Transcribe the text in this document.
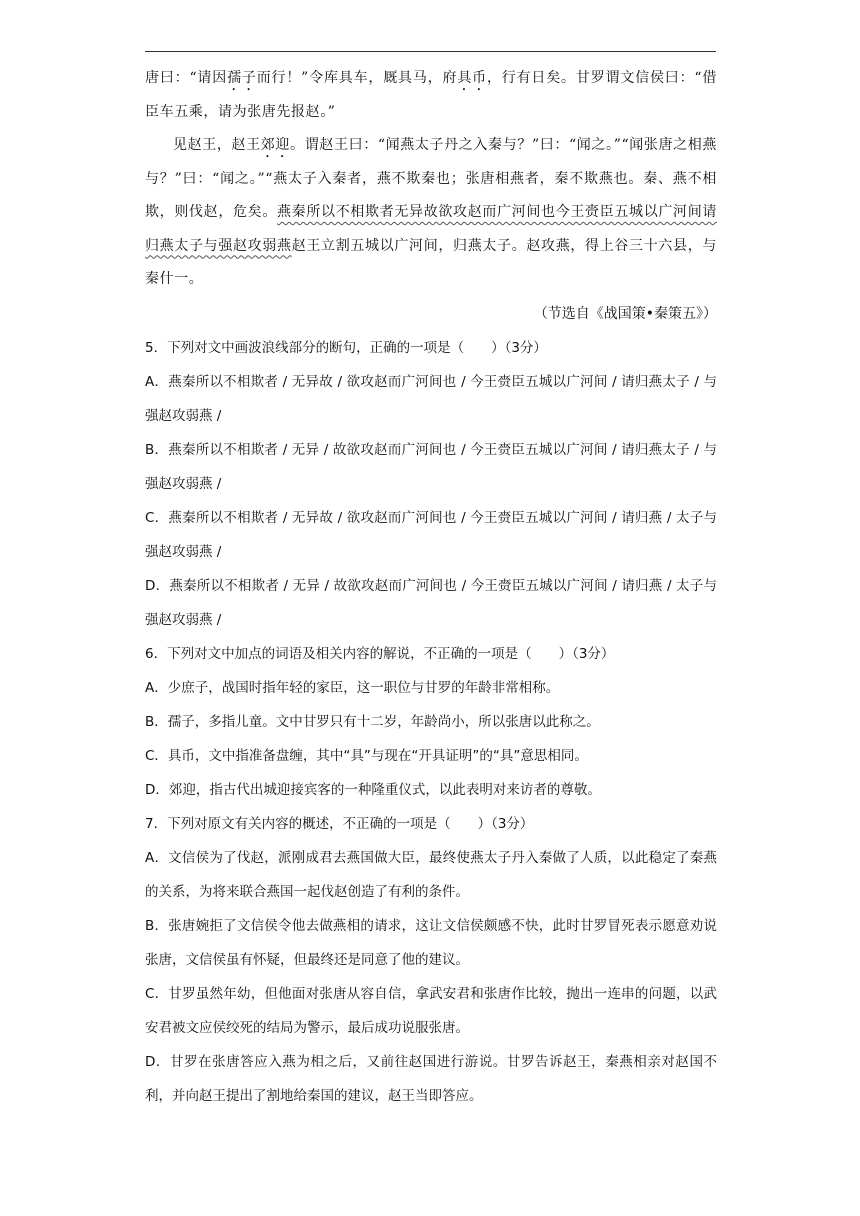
唐曰：“请因孺子而行！”令库具车，厩具马，府具币，行有日矣。甘罗谓文信侯曰：“借臣车五乘，请为张唐先报赵。”

见赵王，赵王郊迎。谓赵王曰：“闻燕太子丹之入秦与？”曰：“闻之。”“闻张唐之相燕与？”曰：“闻之。”“燕太子入秦者，燕不欺秦也；张唐相燕者，秦不欺燕也。秦、燕不相欺，则伐赵，危矣。燕秦所以不相欺者无异故欲攻赵而广河间也今王赍臣五城以广河间请归燕太子与强赵攻弱燕赵王立割五城以广河间，归燕太子。赵攻燕，得上谷三十六县，与秦什一。

（节选自《战国策•秦策五》）

5．下列对文中画波浪线部分的断句，正确的一项是（　　）（3分）

A．燕秦所以不相欺者 / 无异故 / 欲攻赵而广河间也 / 今王赍臣五城以广河间 / 请归燕太子 / 与强赵攻弱燕 /

B．燕秦所以不相欺者 / 无异 / 故欲攻赵而广河间也 / 今王赍臣五城以广河间 / 请归燕太子 / 与强赵攻弱燕 /

C．燕秦所以不相欺者 / 无异故 / 欲攻赵而广河间也 / 今王赍臣五城以广河间 / 请归燕 / 太子与强赵攻弱燕 /

D．燕秦所以不相欺者 / 无异 / 故欲攻赵而广河间也 / 今王赍臣五城以广河间 / 请归燕 / 太子与强赵攻弱燕 /

6．下列对文中加点的词语及相关内容的解说，不正确的一项是（　　）（3分）

A．少庶子，战国时指年轻的家臣，这一职位与甘罗的年龄非常相称。

B．孺子，多指儿童。文中甘罗只有十二岁，年龄尚小，所以张唐以此称之。

C．具币，文中指准备盘缠，其中“具”与现在“开具证明”的“具”意思相同。

D．郊迎，指古代出城迎接宾客的一种隆重仪式，以此表明对来访者的尊敬。

7．下列对原文有关内容的概述，不正确的一项是（　　）（3分）

A．文信侯为了伐赵，派刚成君去燕国做大臣，最终使燕太子丹入秦做了人质，以此稳定了秦燕的关系，为将来联合燕国一起伐赵创造了有利的条件。

B．张唐婉拒了文信侯令他去做燕相的请求，这让文信侯颇感不快，此时甘罗冒死表示愿意劝说张唐，文信侯虽有怀疑，但最终还是同意了他的建议。

C．甘罗虽然年幼，但他面对张唐从容自信，拿武安君和张唐作比较，抛出一连串的问题，以武安君被文应侯绞死的结局为警示，最后成功说服张唐。

D．甘罗在张唐答应入燕为相之后，又前往赵国进行游说。甘罗告诉赵王，秦燕相亲对赵国不利，并向赵王提出了割地给秦国的建议，赵王当即答应。
